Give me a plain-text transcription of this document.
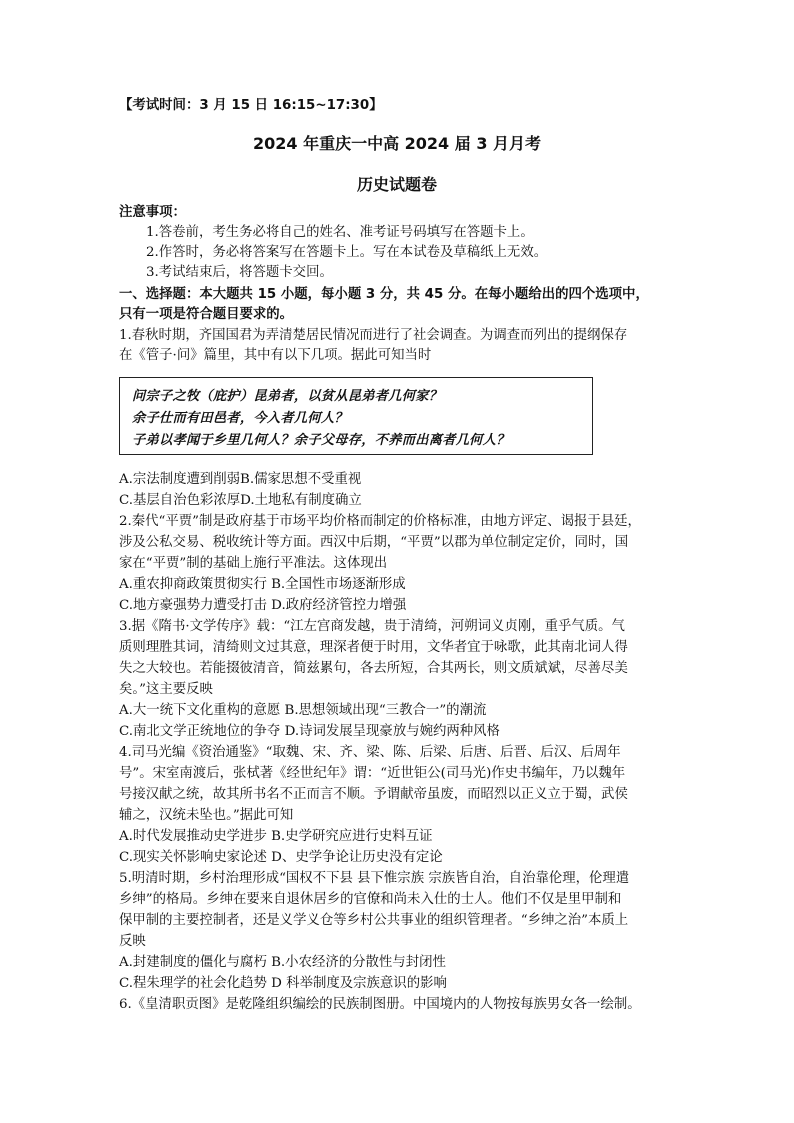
【考试时间：3 月 15 日 16:15~17:30】
2024 年重庆一中高 2024 届 3 月月考
历史试题卷
注意事项：
1.答卷前，考生务必将自己的姓名、准考证号码填写在答题卡上。
2.作答时，务必将答案写在答题卡上。写在本试卷及草稿纸上无效。
3.考试结束后，将答题卡交回。
一、选择题：本大题共 15 小题，每小题 3 分，共 45 分。在每小题给出的四个选项中，
只有一项是符合题目要求的。
1.春秋时期，齐国国君为弄清楚居民情况而进行了社会调查。为调查而列出的提纲保存
在《管子·问》篇里，其中有以下几项。据此可知当时
问宗子之牧（庇护）昆弟者，以贫从昆弟者几何家？
余子仕而有田邑者，今入者几何人？
子弟以孝闻于乡里几何人？余子父母存，不养而出离者几何人？
A.宗法制度遭到削弱B.儒家思想不受重视
C.基层自治色彩浓厚D.土地私有制度确立
2.秦代“平贾”制是政府基于市场平均价格而制定的价格标准，由地方评定、谒报于县廷，
涉及公私交易、税收统计等方面。西汉中后期，“平贾”以郡为单位制定定价，同时，国
家在“平贾”制的基础上施行平准法。这体现出
A.重农抑商政策贯彻实行 B.全国性市场逐渐形成
C.地方豪强势力遭受打击 D.政府经济管控力增强
3.据《隋书·文学传序》载：“江左宫商发越，贵于清绮，河朔词义贞刚，重乎气质。气
质则理胜其词，清绮则文过其意，理深者便于时用，文华者宜于咏歌，此其南北词人得
失之大较也。若能掇彼清音，简兹累句，各去所短，合其两长，则文质斌斌，尽善尽美
矣。”这主要反映
A.大一统下文化重构的意愿 B.思想领域出现“三教合一”的潮流
C.南北文学正统地位的争夺 D.诗词发展呈现豪放与婉约两种风格
4.司马光编《资治通鉴》“取魏、宋、齐、梁、陈、后梁、后唐、后晋、后汉、后周年
号”。宋室南渡后，张栻著《经世纪年》谓：“近世钜公(司马光)作史书编年，乃以魏年
号接汉献之统，故其所书名不正而言不顺。予谓献帝虽废，而昭烈以正义立于蜀，武侯
辅之，汉统未坠也。”据此可知
A.时代发展推动史学进步 B.史学研究应进行史料互证
C.现实关怀影响史家论述 D、史学争论让历史没有定论
5.明清时期，乡村治理形成“国权不下县 县下惟宗族 宗族皆自治，自治靠伦理，伦理遣
乡绅”的格局。乡绅在要来自退休居乡的官僚和尚未入仕的士人。他们不仅是里甲制和
保甲制的主要控制者，还是义学义仓等乡村公共事业的组织管理者。“乡绅之治”本质上
反映
A.封建制度的僵化与腐朽 B.小农经济的分散性与封闭性
C.程朱理学的社会化趋势 D 科举制度及宗族意识的影响
6.《皇清职贡图》是乾隆组织编绘的民族制图册。中国境内的人物按每族男女各一绘制。
